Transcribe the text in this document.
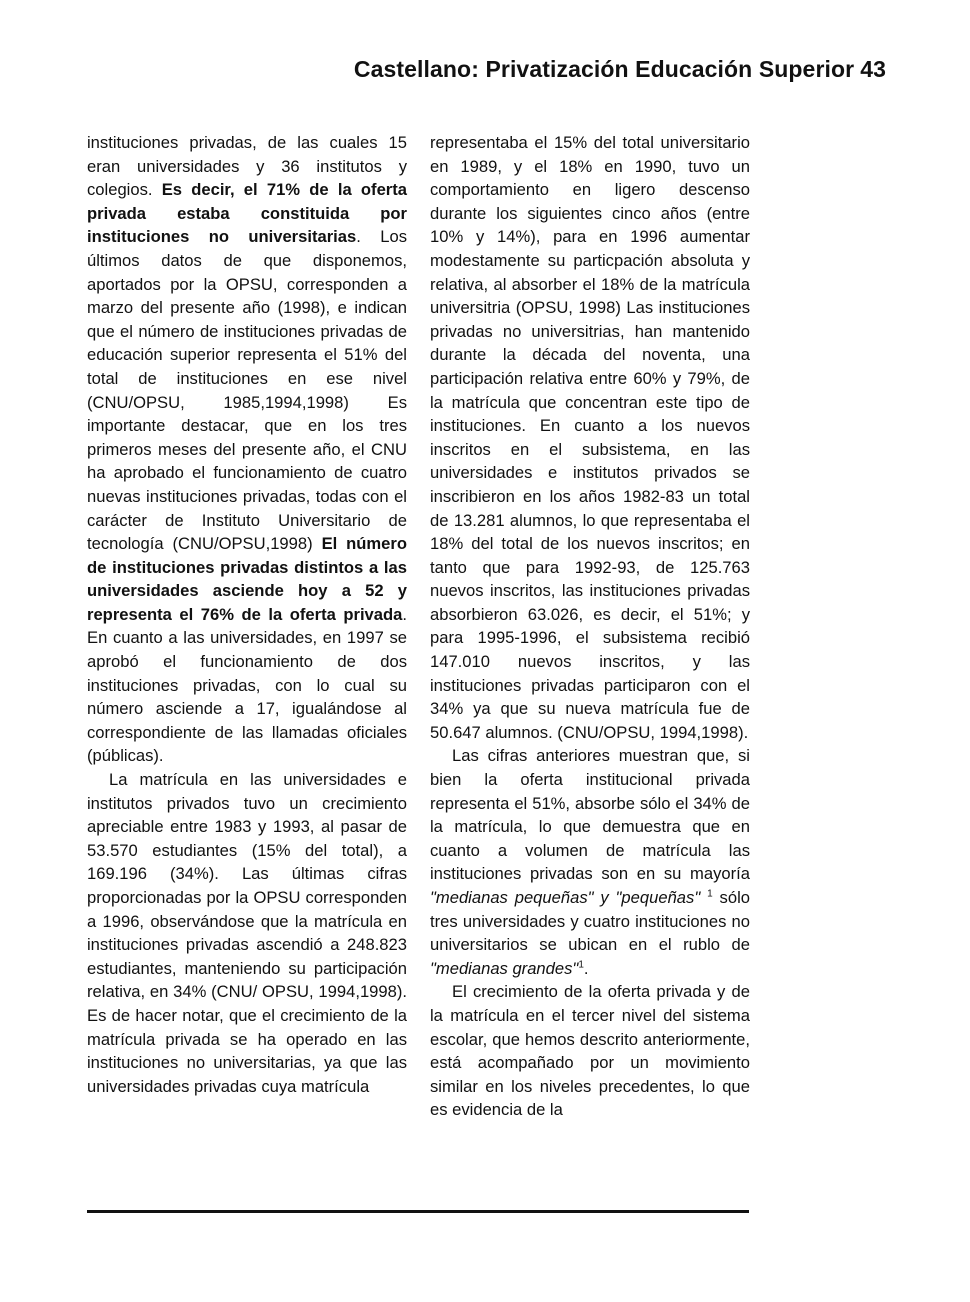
Castellano: Privatización Educación Superior 43

instituciones privadas, de las cuales 15 eran universidades y 36 institutos y colegios. Es decir, el 71% de la oferta privada estaba constituida por instituciones no universitarias. Los últimos datos de que disponemos, aportados por la OPSU, corresponden a marzo del presente año (1998), e indican que el número de instituciones privadas de educación superior representa el 51% del total de instituciones en ese nivel (CNU/OPSU, 1985,1994,1998) Es importante destacar, que en los tres primeros meses del presente año, el CNU ha aprobado el funcionamiento de cuatro nuevas instituciones privadas, todas con el carácter de Instituto Universitario de tecnología (CNU/OPSU,1998) El número de instituciones privadas distintos a las universidades asciende hoy a 52 y representa el 76% de la oferta privada. En cuanto a las universidades, en 1997 se aprobó el funcionamiento de dos instituciones privadas, con lo cual su número asciende a 17, igualándose al correspondiente de las llamadas oficiales (públicas).

La matrícula en las universidades e institutos privados tuvo un crecimiento apreciable entre 1983 y 1993, al pasar de 53.570 estudiantes (15% del total), a 169.196 (34%). Las últimas cifras proporcionadas por la OPSU corresponden a 1996, observándose que la matrícula en instituciones privadas ascendió a 248.823 estudiantes, manteniendo su participación relativa, en 34% (CNU/ OPSU, 1994,1998). Es de hacer notar, que el crecimiento de la matrícula privada se ha operado en las instituciones no universitarias, ya que las universidades privadas cuya matrícula

representaba el 15% del total universitario en 1989, y el 18% en 1990, tuvo un comportamiento en ligero descenso durante los siguientes cinco años (entre 10% y 14%), para en 1996 aumentar modestamente su particpación absoluta y relativa, al absorber el 18% de la matrícula universitria (OPSU, 1998) Las instituciones privadas no universitrias, han mantenido durante la década del noventa, una participación relativa entre 60% y 79%, de la matrícula que concentran este tipo de instituciones. En cuanto a los nuevos inscritos en el subsistema, en las universidades e institutos privados se inscribieron en los años 1982-83 un total de 13.281 alumnos, lo que representaba el 18% del total de los nuevos inscritos; en tanto que para 1992-93, de 125.763 nuevos inscritos, las instituciones privadas absorbieron 63.026, es decir, el 51%; y para 1995-1996, el subsistema recibió 147.010 nuevos inscritos, y las instituciones privadas participaron con el 34% ya que su nueva matrícula fue de 50.647 alumnos. (CNU/OPSU, 1994,1998).

Las cifras anteriores muestran que, si bien la oferta institucional privada representa el 51%, absorbe sólo el 34% de la matrícula, lo que demuestra que en cuanto a volumen de matrícula las instituciones privadas son en su mayoría "medianas pequeñas" y "pequeñas" $^1$ sólo tres universidades y cuatro instituciones no universitarios se ubican en el rublo de "medianas grandes"$^1$.

El crecimiento de la oferta privada y de la matrícula en el tercer nivel del sistema escolar, que hemos descrito anteriormente, está acompañado por un movimiento similar en los niveles precedentes, lo que es evidencia de la
